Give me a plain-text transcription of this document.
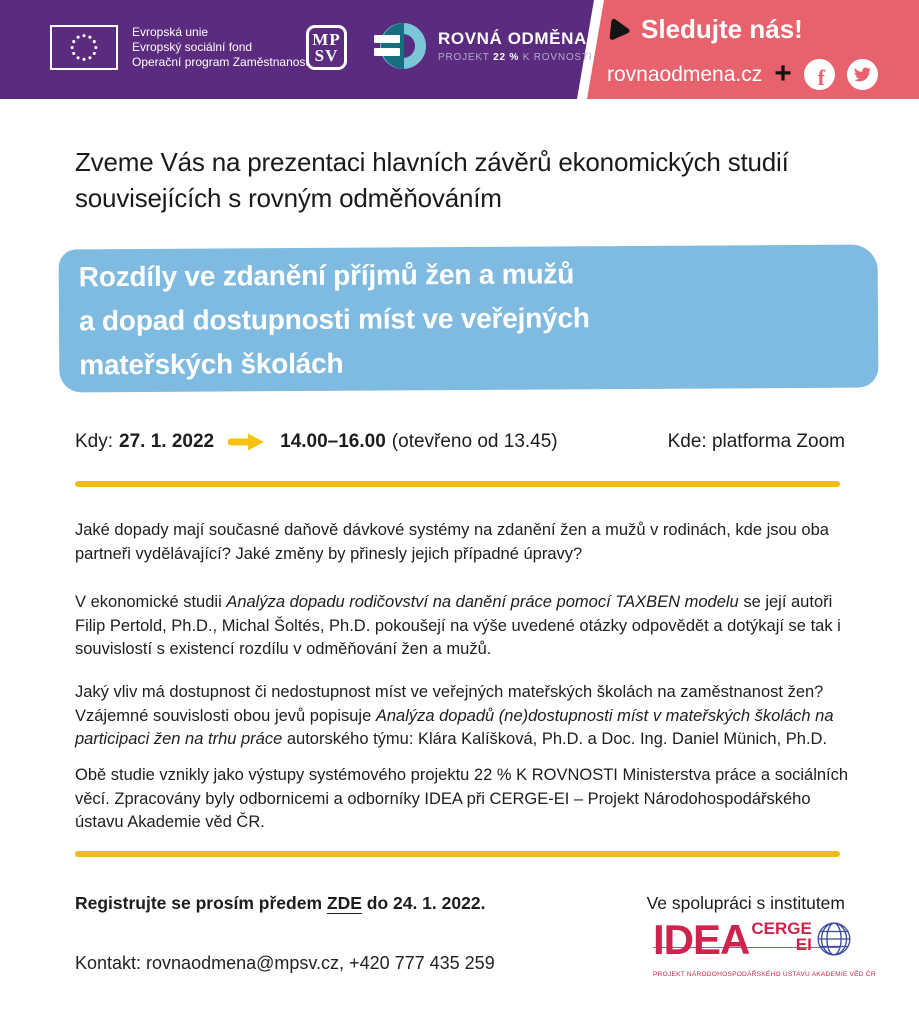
Evropská unie
Evropský sociální fond
Operační program Zaměstnanost
MP
SV
ROVNÁ ODMĚNA
PROJEKT 22 % K ROVNOSTI
Sledujte nás!
rovnaodmena.cz + f
Zveme Vás na prezentaci hlavních závěrů ekonomických studií souvisejících s rovným odměňováním
Rozdíly ve zdanění příjmů žen a mužů
a dopad dostupnosti míst ve veřejných
mateřských školách
Kdy: 27. 1. 2022	14.00–16.00 (otevřeno od 13.45)	Kde: platforma Zoom

Jaké dopady mají současné daňově dávkové systémy na zdanění žen a mužů v rodinách, kde jsou oba partneři vydělávající? Jaké změny by přinesly jejich případné úpravy?

V ekonomické studii Analýza dopadu rodičovství na danění práce pomocí TAXBEN modelu se její autoři Filip Pertold, Ph.D., Michal Šoltés, Ph.D. pokoušejí na výše uvedené otázky odpovědět a dotýkají se tak i souvislostí s existencí rozdílu v odměňování žen a mužů.

Jaký vliv má dostupnost či nedostupnost míst ve veřejných mateřských školách na zaměstnanost žen? Vzájemné souvislosti obou jevů popisuje Analýza dopadů (ne)dostupnosti míst v mateřských školách na participaci žen na trhu práce autorského týmu: Klára Kalíšková, Ph.D. a Doc. Ing. Daniel Münich, Ph.D.

Obě studie vznikly jako výstupy systémového projektu 22 % K ROVNOSTI Ministerstva práce a sociálních věcí. Zpracovány byly odbornicemi a odborníky IDEA při CERGE-EI – Projekt Národohospodářského ústavu Akademie věd ČR.

Registrujte se prosím předem ZDE do 24. 1. 2022.	Ve spolupráci s institutem
IDEA CERGE
EI
PROJEKT NÁRODOHOSPODÁŘSKÉHO ÚSTAVU AKADEMIE VĚD ČR
Kontakt: rovnaodmena@mpsv.cz, +420 777 435 259
